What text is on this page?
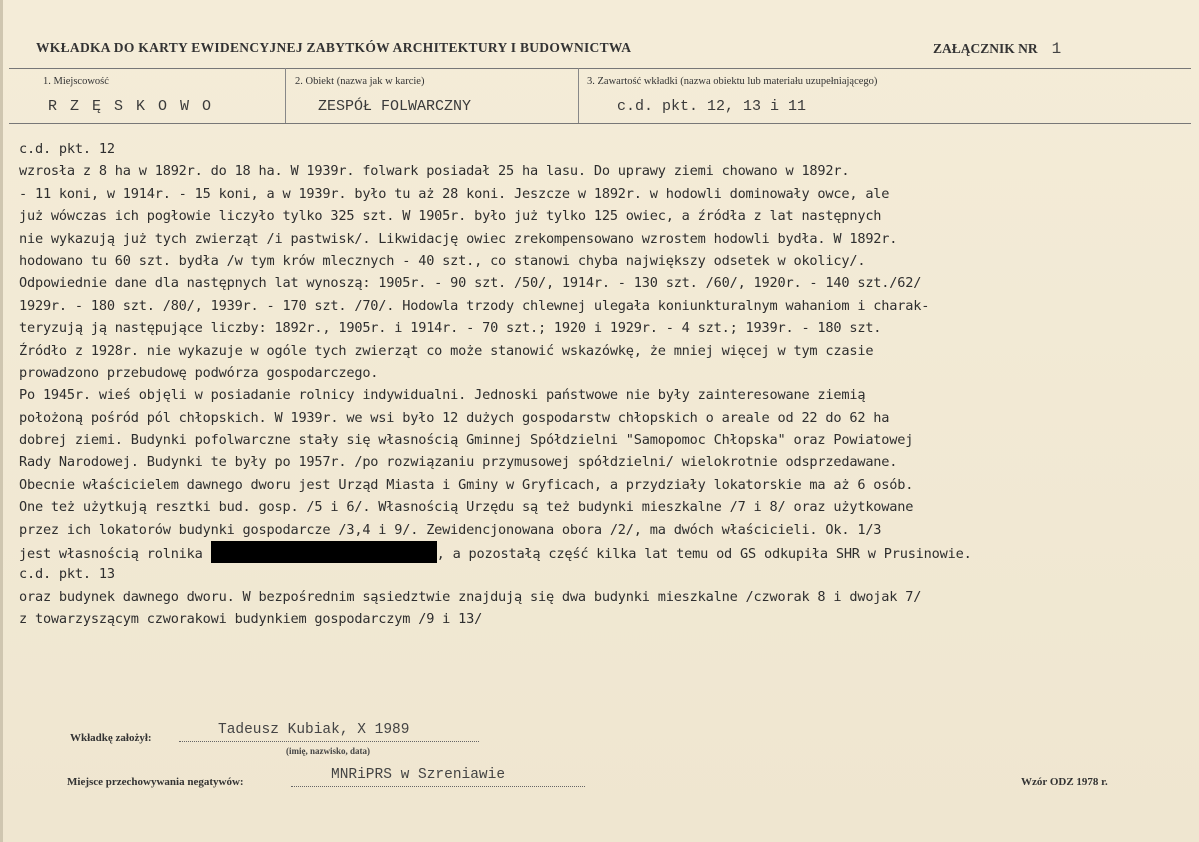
WKŁADKA DO KARTY EWIDENCYJNEJ ZABYTKÓW ARCHITEKTURY I BUDOWNICTWA	ZAŁĄCZNIK NR 1
1. Miejscowość
R Z Ę S K O W O
2. Obiekt (nazwa jak w karcie)
ZESPÓŁ FOLWARCZNY
3. Zawartość wkładki (nazwa obiektu lub materiału uzupełniającego)
c.d. pkt. 12, 13 i 11
c.d. pkt. 12
wzrosła z 8 ha w 1892r. do 18 ha. W 1939r. folwark posiadał 25 ha lasu. Do uprawy ziemi chowano w 1892r.
- 11 koni, w 1914r. - 15 koni, a w 1939r. było tu aż 28 koni. Jeszcze w 1892r. w hodowli dominowały owce, ale
już wówczas ich pogłowie liczyło tylko 325 szt. W 1905r. było już tylko 125 owiec, a źródła z lat następnych
nie wykazują już tych zwierząt /i pastwisk/. Likwidację owiec zrekompensowano wzrostem hodowli bydła. W 1892r.
hodowano tu 60 szt. bydła /w tym krów mlecznych - 40 szt., co stanowi chyba największy odsetek w okolicy/.
Odpowiednie dane dla następnych lat wynoszą: 1905r. - 90 szt. /50/, 1914r. - 130 szt. /60/, 1920r. - 140 szt./62/
1929r. - 180 szt. /80/, 1939r. - 170 szt. /70/. Hodowla trzody chlewnej ulegała koniunkturalnym wahaniom i charak-
teryzują ją następujące liczby: 1892r., 1905r. i 1914r. - 70 szt.; 1920 i 1929r. - 4 szt.; 1939r. - 180 szt.
Źródło z 1928r. nie wykazuje w ogóle tych zwierząt co może stanowić wskazówkę, że mniej więcej w tym czasie
prowadzono przebudowę podwórza gospodarczego.
Po 1945r. wieś objęli w posiadanie rolnicy indywidualni. Jednoski państwowe nie były zainteresowane ziemią
położoną pośród pól chłopskich. W 1939r. we wsi było 12 dużych gospodarstw chłopskich o areale od 22 do 62 ha
dobrej ziemi. Budynki pofolwarczne stały się własnością Gminnej Spółdzielni "Samopomoc Chłopska" oraz Powiatowej
Rady Narodowej. Budynki te były po 1957r. /po rozwiązaniu przymusowej spółdzielni/ wielokrotnie odsprzedawane.
Obecnie właścicielem dawnego dworu jest Urząd Miasta i Gminy w Gryficach, a przydziały lokatorskie ma aż 6 osób.
One też użytkują resztki bud. gosp. /5 i 6/. Własnością Urzędu są też budynki mieszkalne /7 i 8/ oraz użytkowane
przez ich lokatorów budynki gospodarcze /3,4 i 9/. Zewidencjonowana obora /2/, ma dwóch właścicieli. Ok. 1/3
jest własnością rolnika	, a pozostałą część kilka lat temu od GS odkupiła SHR w Prusinowie.
c.d. pkt. 13
oraz budynek dawnego dworu. W bezpośrednim sąsiedztwie znajdują się dwa budynki mieszkalne /czworak 8 i dwojak 7/
z towarzyszącym czworakowi budynkiem gospodarczym /9 i 13/
Wkładkę założył:	Tadeusz Kubiak, X 1989
(imię, nazwisko, data)
Miejsce przechowywania negatywów:	MNRiPRS w Szreniawie	Wzór ODZ 1978 r.
